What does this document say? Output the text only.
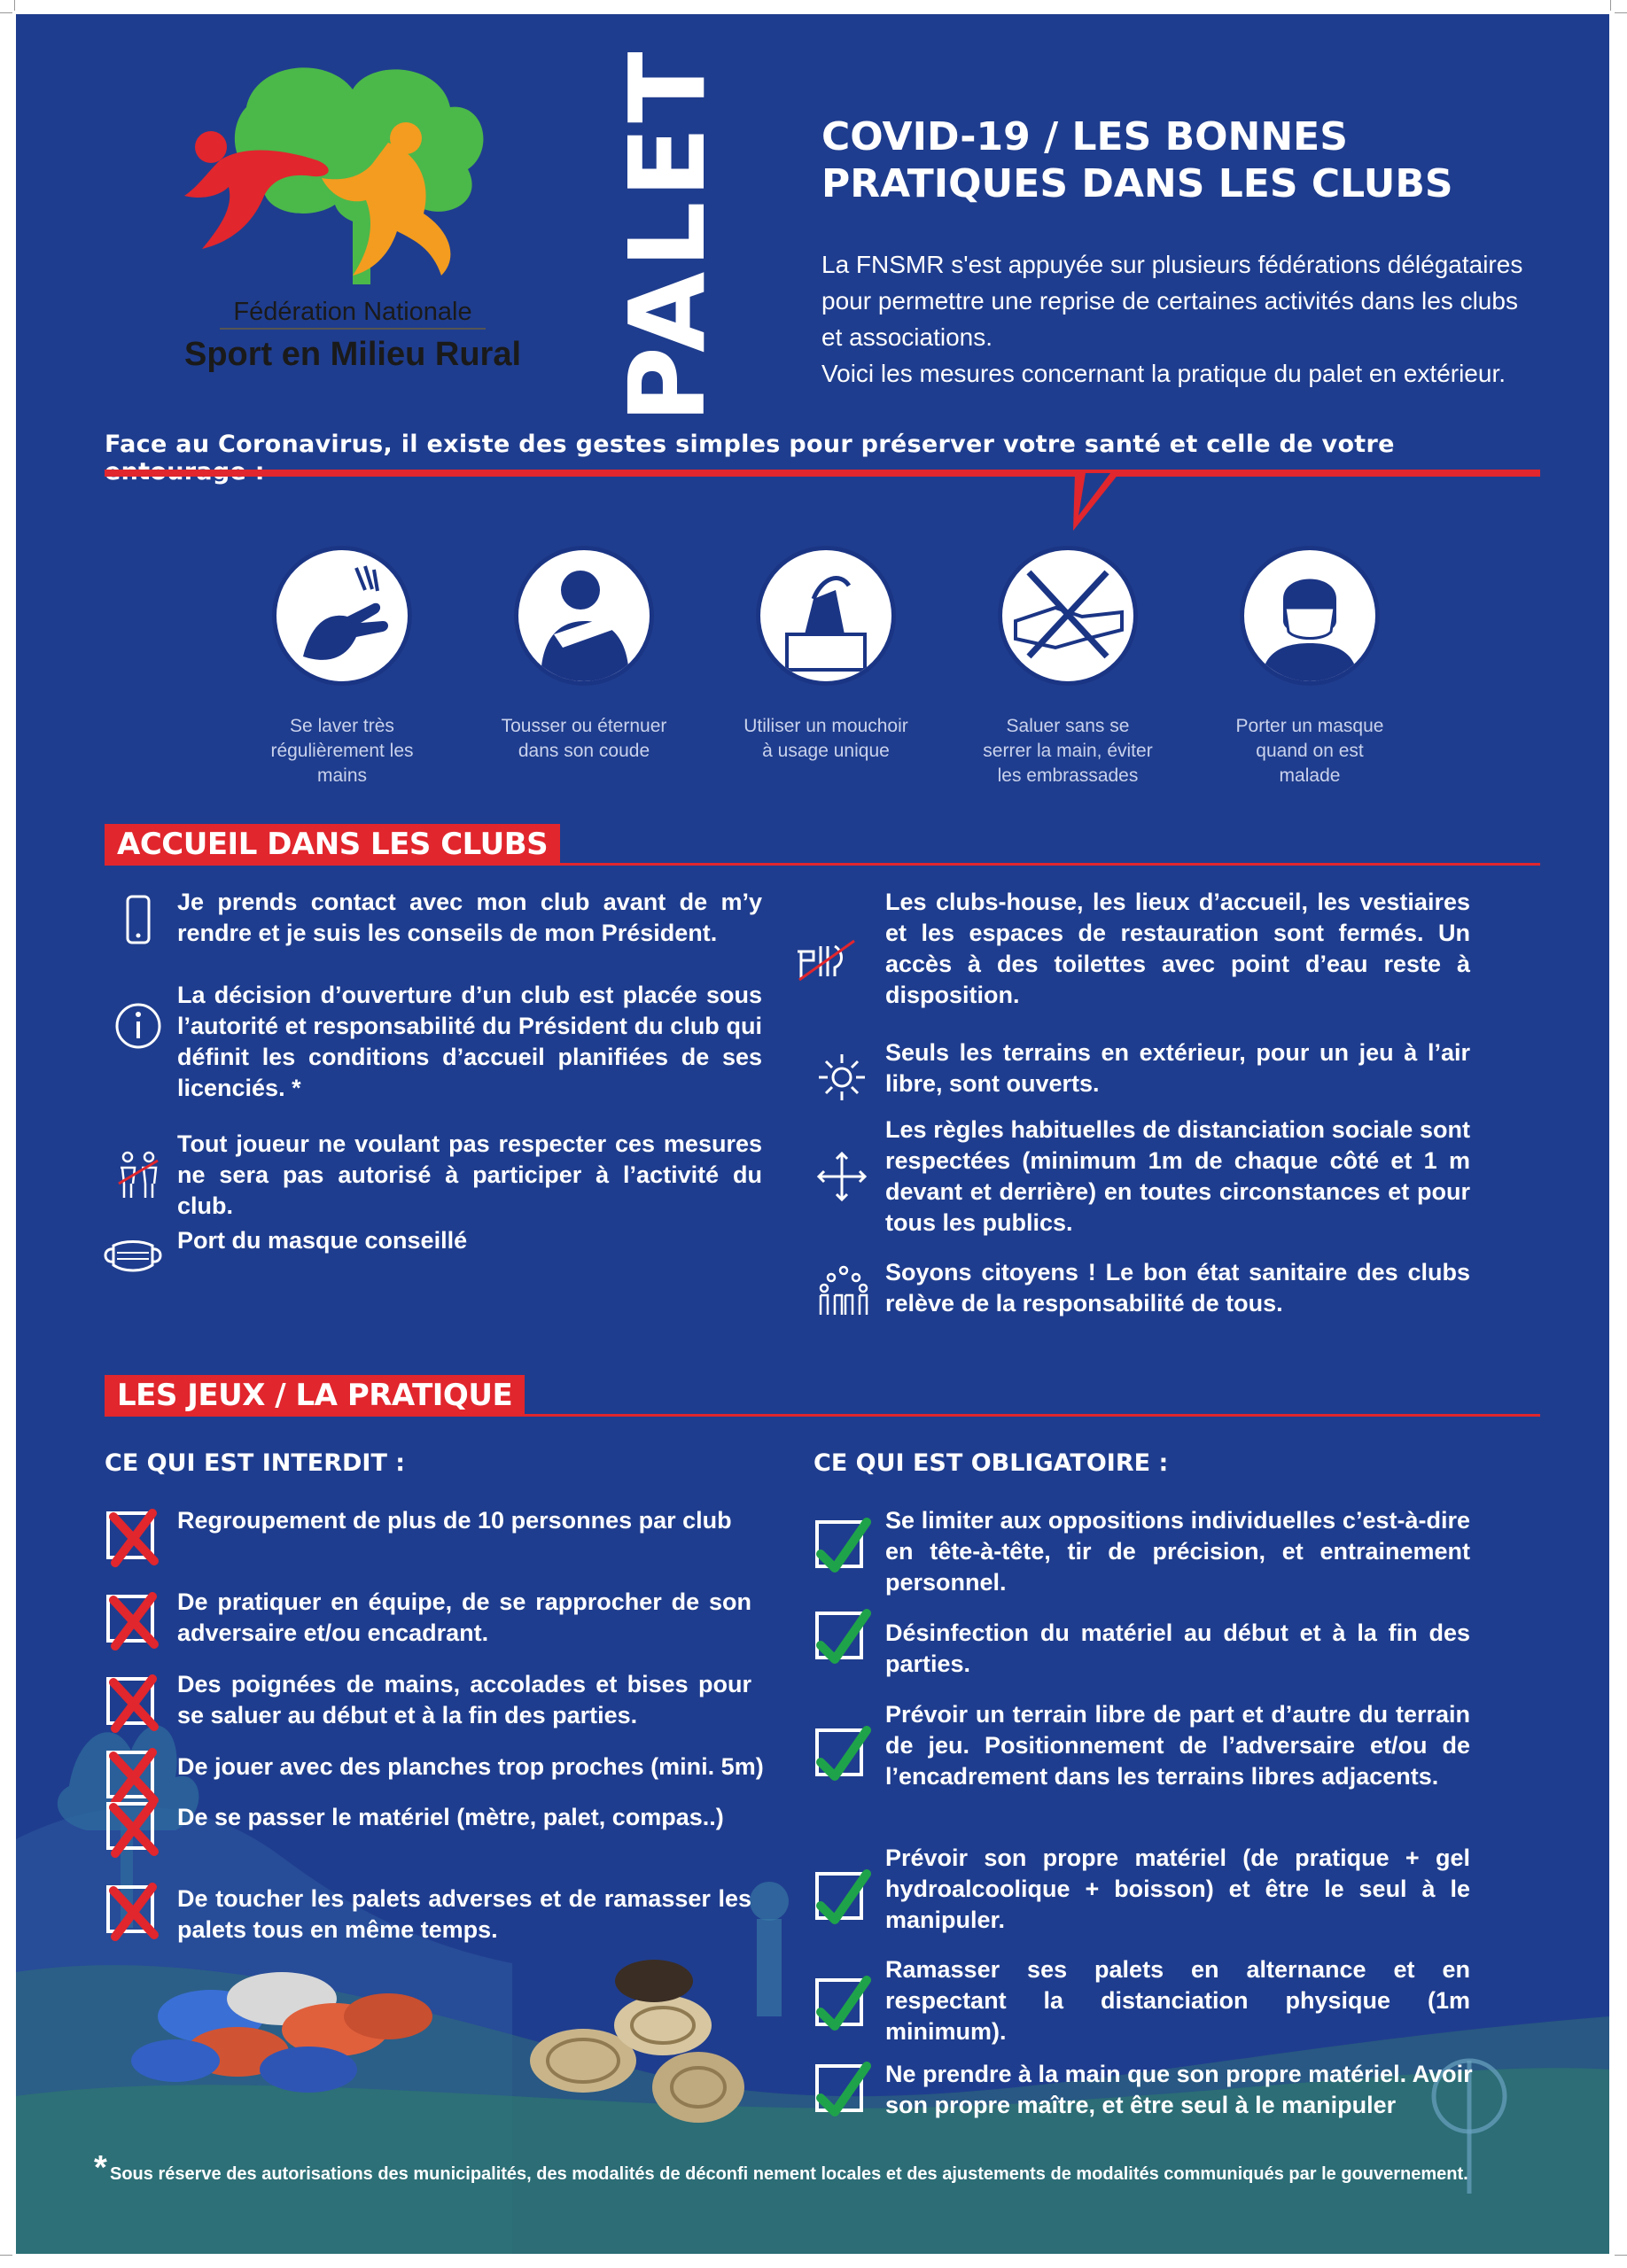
Fédération Nationale
Sport en Milieu Rural PALET COVID-19 / LES BONNES
PRATIQUES DANS LES CLUBS
La FNSMR s'est appuyée sur plusieurs fédérations délégataires
pour permettre une reprise de certaines activités dans les clubs
et associations.
Voici les mesures concernant la pratique du palet en extérieur.
Face au Coronavirus, il existe des gestes simples pour préserver votre santé et celle de votre
Se laver très
régulièrement les
mains
Tousser ou éternuer
dans son coude
Utiliser un mouchoir
à usage unique
Saluer sans se
serrer la main, éviter
les embrassades
Porter un masque
quand on est
malade
ACCUEIL DANS LES CLUBS
Je prends contact avec mon club avant de m’y rendre et je suis les conseils de mon Président.
La décision d’ouverture d’un club est placée sous l’autorité et responsabilité du Président du club qui définit les conditions d’accueil planifiées de ses licenciés. *
Tout joueur ne voulant pas respecter ces mesures ne sera pas autorisé à participer à l’activité du club.
Port du masque conseillé
Les clubs-house, les lieux d’accueil, les vestiaires et les espaces de restauration sont fermés. Un accès à des toilettes avec point d’eau reste à disposition.
Seuls les terrains en extérieur, pour un jeu à l’air libre, sont ouverts.
Les règles habituelles de distanciation sociale sont respectées (minimum 1m de chaque côté et 1 m devant et derrière) en toutes circonstances et pour tous les publics.
Soyons citoyens ! Le bon état sanitaire des clubs relève de la responsabilité de tous.
LES JEUX / LA PRATIQUE
CE QUI EST INTERDIT :	CE QUI EST OBLIGATOIRE :
Regroupement de plus de 10 personnes par club
De pratiquer en équipe, de se rapprocher de son adversaire et/ou encadrant.
Des poignées de mains, accolades et bises pour se saluer au début et à la fin des parties.
De jouer avec des planches trop proches (mini. 5m)
De se passer le matériel (mètre, palet, compas..)
De toucher les palets adverses et de ramasser les palets tous en même temps.
Se limiter aux oppositions individuelles c’est-à-dire en tête-à-tête, tir de précision, et entrainement personnel.
Désinfection du matériel au début et à la fin des parties.
Prévoir un terrain libre de part et d’autre du terrain de jeu. Positionnement de l’adversaire et/ou de l’encadrement dans les terrains libres adjacents.
Prévoir son propre matériel (de pratique + gel hydroalcoolique + boisson) et être le seul à le manipuler.
Ramasser ses palets en alternance et en respectant la distanciation physique (1m minimum).
Ne prendre à la main que son propre matériel. Avoir son propre maître, et être seul à le manipuler
* Sous réserve des autorisations des municipalités, des modalités de déconfi nement locales et des ajustements de modalités communiqués par le gouvernement.
